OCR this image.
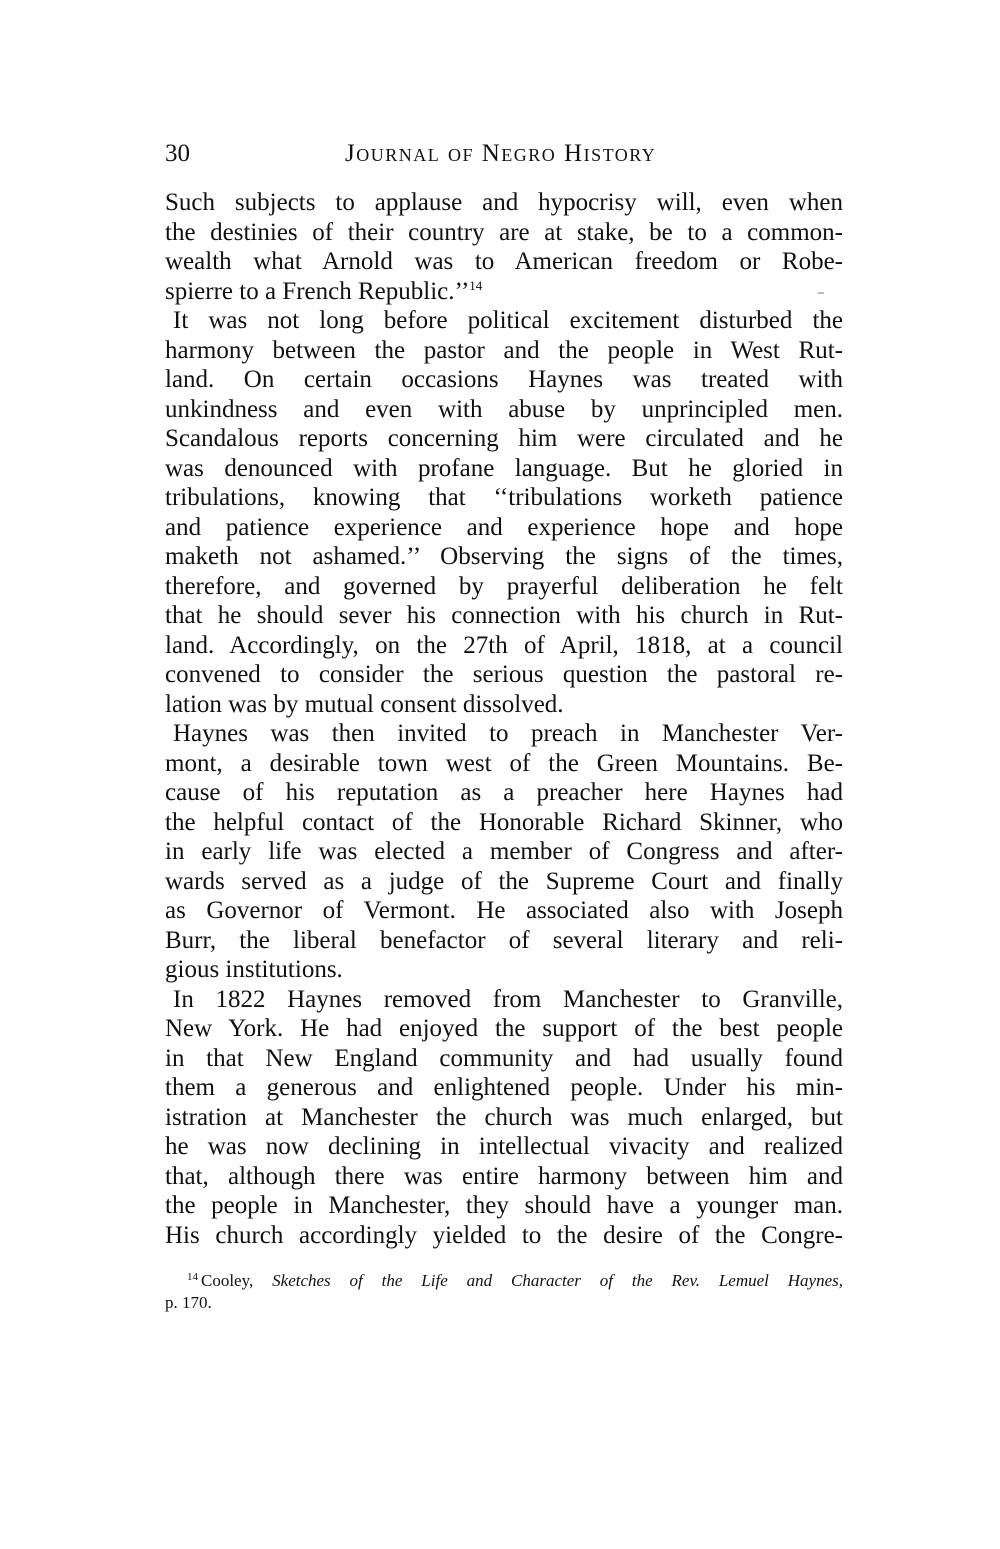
30	Journal of Negro History
Such subjects to applause and hypocrisy will, even when
the destinies of their country are at stake, be to a common-
wealth what Arnold was to American freedom or Robe-
spierre to a French Republic.’’$^{14}$
It was not long before political excitement disturbed the
harmony between the pastor and the people in West Rut-
land. On certain occasions Haynes was treated with
unkindness and even with abuse by unprincipled men.
Scandalous reports concerning him were circulated and he
was denounced with profane language. But he gloried in
tribulations, knowing that ‘‘tribulations worketh patience
and patience experience and experience hope and hope
maketh not ashamed.’’ Observing the signs of the times,
therefore, and governed by prayerful deliberation he felt
that he should sever his connection with his church in Rut-
land. Accordingly, on the 27th of April, 1818, at a council
convened to consider the serious question the pastoral re-
lation was by mutual consent dissolved.
Haynes was then invited to preach in Manchester Ver-
mont, a desirable town west of the Green Mountains. Be-
cause of his reputation as a preacher here Haynes had
the helpful contact of the Honorable Richard Skinner, who
in early life was elected a member of Congress and after-
wards served as a judge of the Supreme Court and finally
as Governor of Vermont. He associated also with Joseph
Burr, the liberal benefactor of several literary and reli-
gious institutions.
In 1822 Haynes removed from Manchester to Granville,
New York. He had enjoyed the support of the best people
in that New England community and had usually found
them a generous and enlightened people. Under his min-
istration at Manchester the church was much enlarged, but
he was now declining in intellectual vivacity and realized
that, although there was entire harmony between him and
the people in Manchester, they should have a younger man.
His church accordingly yielded to the desire of the Congre-
$^{14}$ Cooley, Sketches of the Life and Character of the Rev. Lemuel Haynes,
p. 170.
